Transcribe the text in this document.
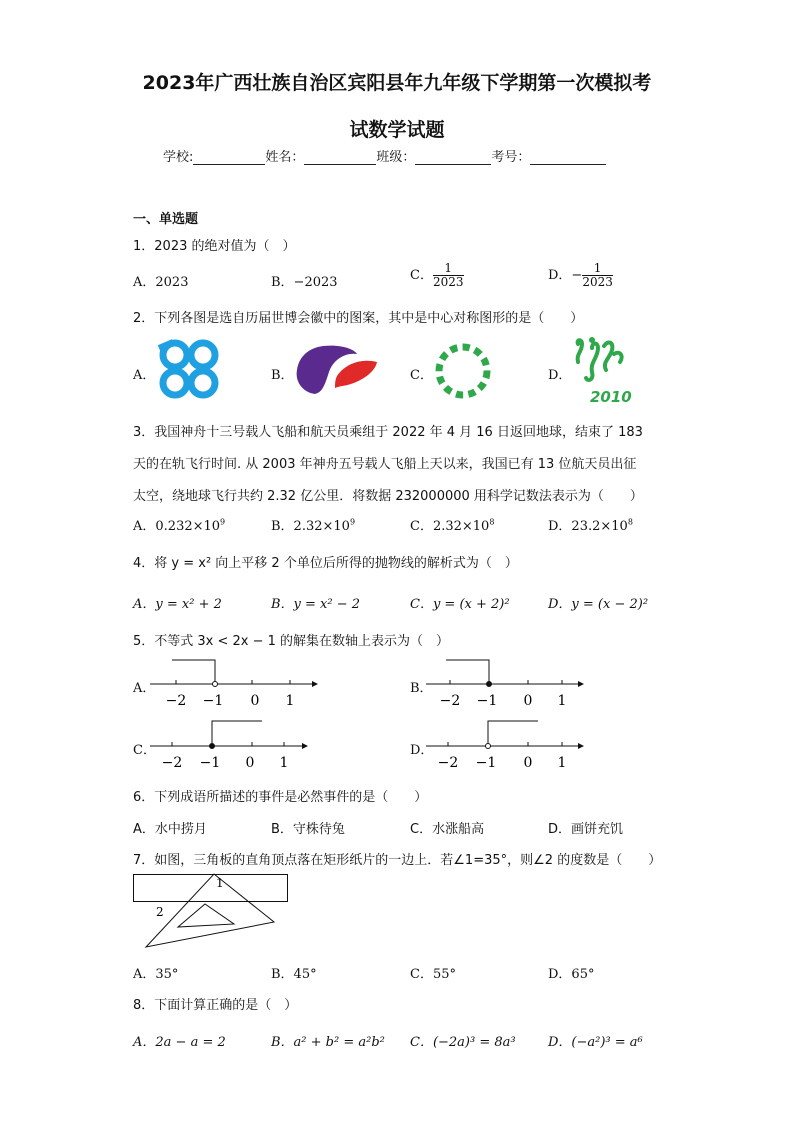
2023年广西壮族自治区宾阳县年九年级下学期第一次模拟考
试数学试题
学校:	姓名：	班级：	考号：
一、单选题
1．2023 的绝对值为（　）
A．2023	B．−2023	C． $\frac{1}{2023}$	D．− $\frac{1}{2023}$
2．下列各图是选自历届世博会徽中的图案，其中是中心对称图形的是（　　）
A．	B．	C．	D．
2010
3．我国神舟十三号载人飞船和航天员乘组于 2022 年 4 月 16 日返回地球，结束了 183
天的在轨飞行时间. 从 2003 年神舟五号载人飞船上天以来，我国已有 13 位航天员出征
太空，绕地球飞行共约 2.32 亿公里．将数据 232000000 用科学记数法表示为（　　）
A．$0.232\times 10^9$	B．$2.32\times 10^9$	C．$2.32\times 10^8$	D．$23.2\times 10^8$
4．将 y = x² 向上平移 2 个单位后所得的抛物线的解析式为（　）
A．y = x² + 2	B．y = x² − 2	C．y = (x + 2)²	D．y = (x − 2)²
5．不等式 3x < 2x − 1 的解集在数轴上表示为（　）
A．
−2 −1 0 1
B．
−2 −1 0 1
C．
−2 −1 0 1
D．
−2 −1 0 1
6．下列成语所描述的事件是必然事件的是（　　）
A．水中捞月	B．守株待兔	C．水涨船高	D．画饼充饥
7．如图，三角板的直角顶点落在矩形纸片的一边上．若∠1=35°，则∠2 的度数是（　　）
1
2
A．35°	B．45°	C．55°	D．65°
8．下面计算正确的是（　）
A．2a − a = 2	B．a² + b² = a²b² C．(−2a)³ = 8a³ D．(−a²)³ = a⁶
